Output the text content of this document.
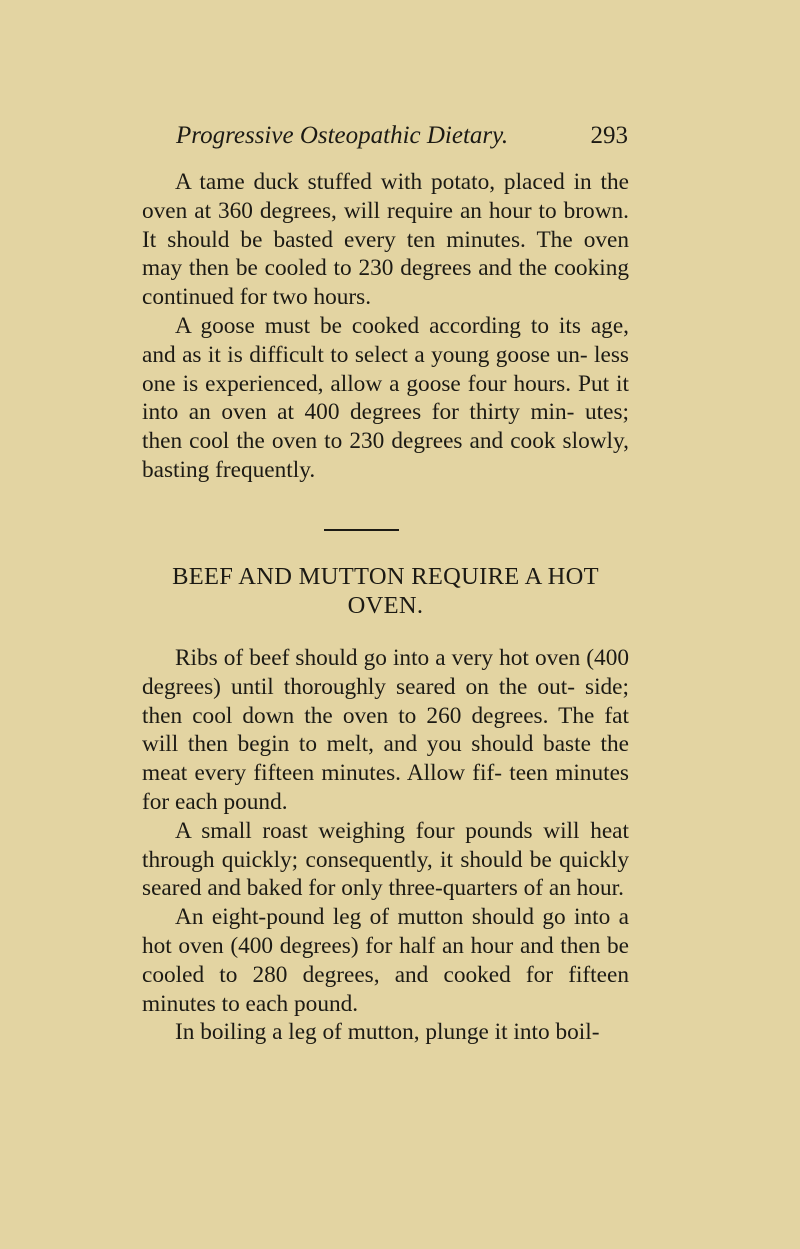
Progressive Osteopathic Dietary.	293

A tame duck stuffed with potato, placed in the oven at 360 degrees, will require an hour to brown. It should be basted every ten minutes. The oven may then be cooled to 230 degrees and the cooking continued for two hours.

A goose must be cooked according to its age, and as it is difficult to select a young goose un- less one is experienced, allow a goose four hours. Put it into an oven at 400 degrees for thirty min- utes; then cool the oven to 230 degrees and cook slowly, basting frequently.

BEEF AND MUTTON REQUIRE A HOT OVEN.

Ribs of beef should go into a very hot oven (400 degrees) until thoroughly seared on the out- side; then cool down the oven to 260 degrees. The fat will then begin to melt, and you should baste the meat every fifteen minutes. Allow fif- teen minutes for each pound.

A small roast weighing four pounds will heat through quickly; consequently, it should be quickly seared and baked for only three-quarters of an hour.

An eight-pound leg of mutton should go into a hot oven (400 degrees) for half an hour and then be cooled to 280 degrees, and cooked for fifteen minutes to each pound.

In boiling a leg of mutton, plunge it into boil-
